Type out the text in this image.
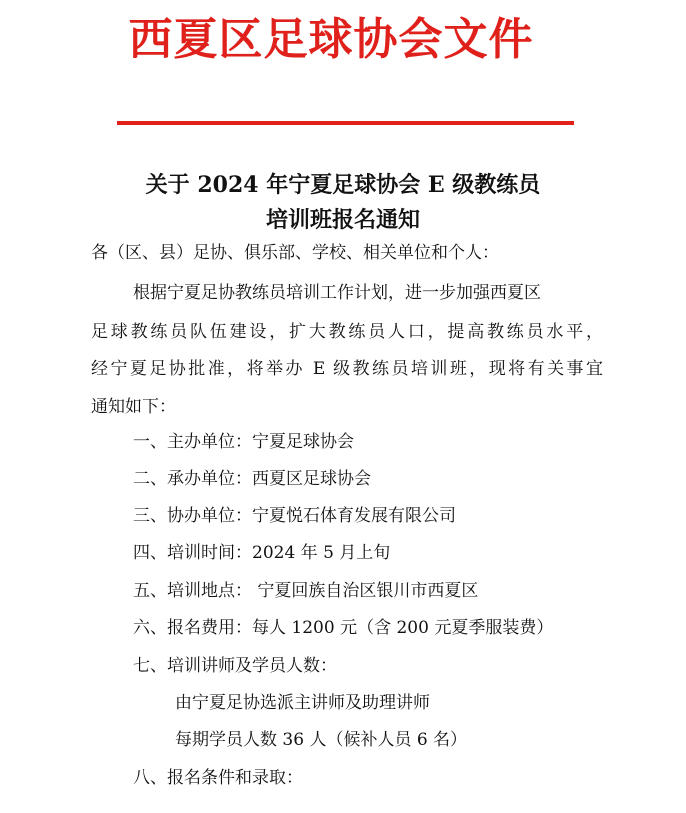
西夏区足球协会文件
关于 2024 年宁夏足球协会 E 级教练员
培训班报名通知
各（区、县）足协、俱乐部、学校、相关单位和个人：
根据宁夏足协教练员培训工作计划，进一步加强西夏区
足球教练员队伍建设，扩大教练员人口，提高教练员水平，
经宁夏足协批准，将举办 E 级教练员培训班，现将有关事宜
通知如下：
一、主办单位：宁夏足球协会
二、承办单位：西夏区足球协会
三、协办单位：宁夏悦石体育发展有限公司
四、培训时间：2024 年 5 月上旬
五、培训地点： 宁夏回族自治区银川市西夏区
六、报名费用：每人 1200 元（含 200 元夏季服装费）
七、培训讲师及学员人数：
由宁夏足协选派主讲师及助理讲师
每期学员人数 36 人（候补人员 6 名）
八、报名条件和录取：
